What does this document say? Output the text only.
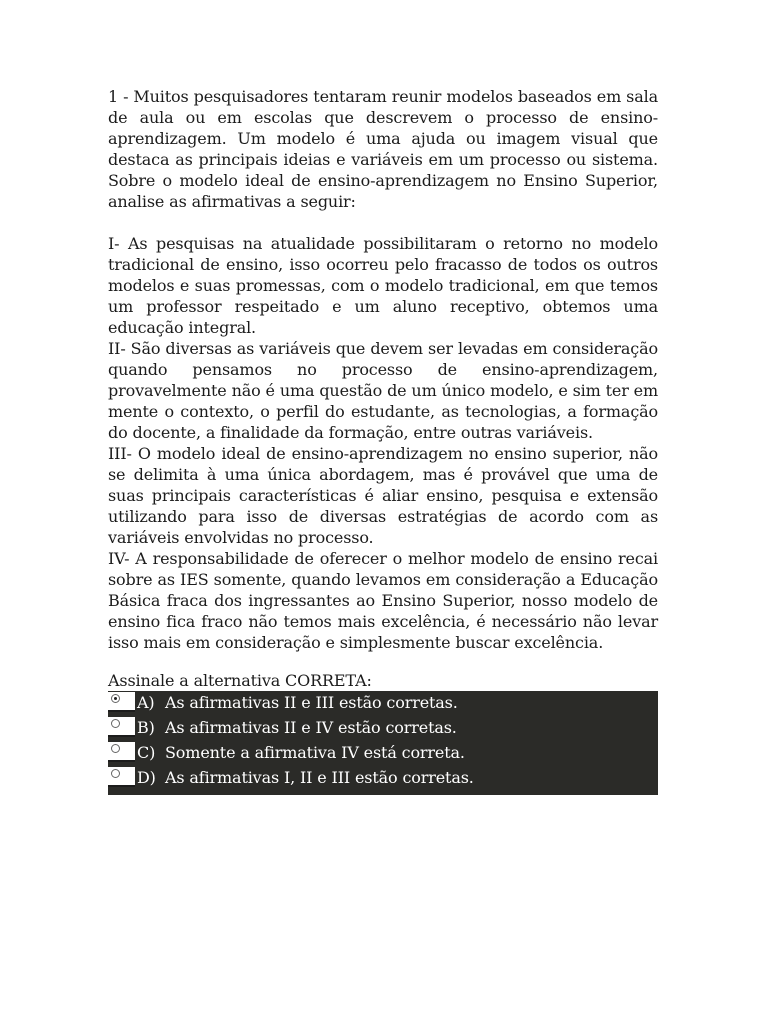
1 - Muitos pesquisadores tentaram reunir modelos baseados em sala de aula ou em escolas que descrevem o processo de ensino-aprendizagem. Um modelo é uma ajuda ou imagem visual que destaca as principais ideias e variáveis em um processo ou sistema. Sobre o modelo ideal de ensino-aprendizagem no Ensino Superior, analise as afirmativas a seguir:

I- As pesquisas na atualidade possibilitaram o retorno no modelo tradicional de ensino, isso ocorreu pelo fracasso de todos os outros modelos e suas promessas, com o modelo tradicional, em que temos um professor respeitado e um aluno receptivo, obtemos uma educação integral.

II- São diversas as variáveis que devem ser levadas em consideração quando pensamos no processo de ensino-aprendizagem, provavelmente não é uma questão de um único modelo, e sim ter em mente o contexto, o perfil do estudante, as tecnologias, a formação do docente, a finalidade da formação, entre outras variáveis.

III- O modelo ideal de ensino-aprendizagem no ensino superior, não se delimita à uma única abordagem, mas é provável que uma de suas principais características é aliar ensino, pesquisa e extensão utilizando para isso de diversas estratégias de acordo com as variáveis envolvidas no processo.

IV- A responsabilidade de oferecer o melhor modelo de ensino recai sobre as IES somente, quando levamos em consideração a Educação Básica fraca dos ingressantes ao Ensino Superior, nosso modelo de ensino fica fraco não temos mais excelência, é necessário não levar isso mais em consideração e simplesmente buscar excelência.

Assinale a alternativa CORRETA:

A) As afirmativas II e III estão corretas.
B) As afirmativas II e IV estão corretas.
C) Somente a afirmativa IV está correta.
D) As afirmativas I, II e III estão corretas.
